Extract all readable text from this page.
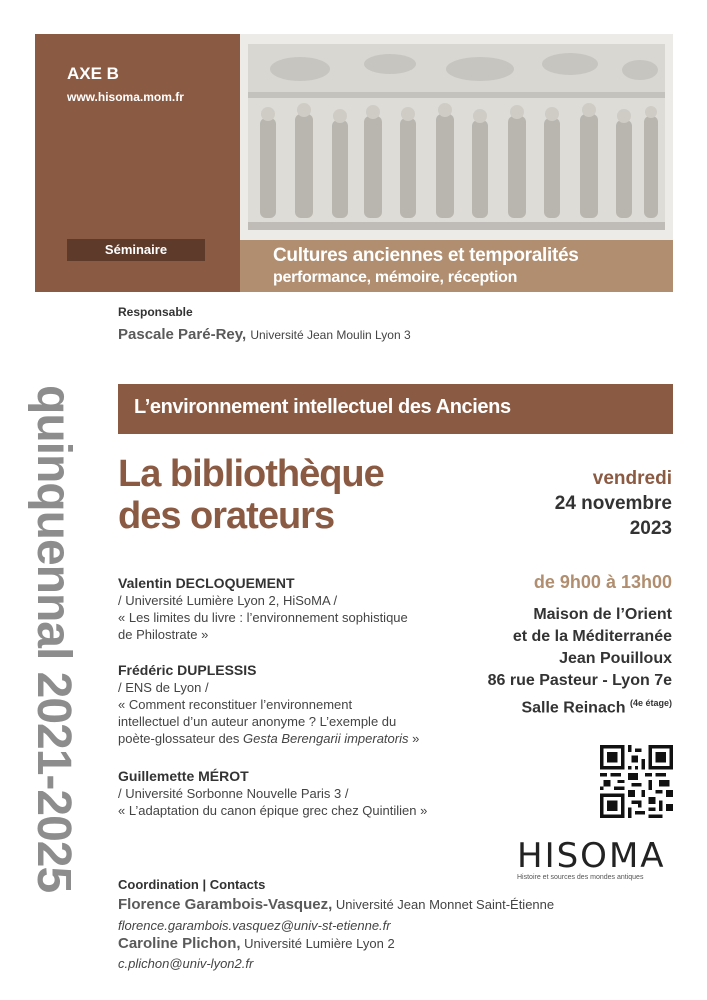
AXE B
www.hisoma.mom.fr
Séminaire	Cultures anciennes et temporalités
performance, mémoire, réception
Responsable
Pascale Paré-Rey, Université Jean Moulin Lyon 3
quinquennal 2021-2025	L’environnement intellectuel des Anciens
La bibliothèque
des orateurs
vendredi
24 novembre
2023
de 9h00 à 13h00
Maison de l’Orient
et de la Méditerranée
Jean Pouilloux
86 rue Pasteur - Lyon 7e
Salle Reinach $^{(4e étage)}$
Valentin DECLOQUEMENT
/ Université Lumière Lyon 2, HiSoMA /
« Les limites du livre : l’environnement sophistique
de Philostrate »
Frédéric DUPLESSIS
/ ENS de Lyon /
« Comment reconstituer l’environnement
intellectuel d’un auteur anonyme ? L’exemple du
poète-glossateur des Gesta Berengarii imperatoris »
Guillemette MÉROT
/ Université Sorbonne Nouvelle Paris 3 /
« L’adaptation du canon épique grec chez Quintilien »
HISOMA
Histoire et sources des mondes antiques
Coordination | Contacts
Florence Garambois-Vasquez, Université Jean Monnet Saint-Étienne
florence.garambois.vasquez@univ-st-etienne.fr
Caroline Plichon, Université Lumière Lyon 2
c.plichon@univ-lyon2.fr
